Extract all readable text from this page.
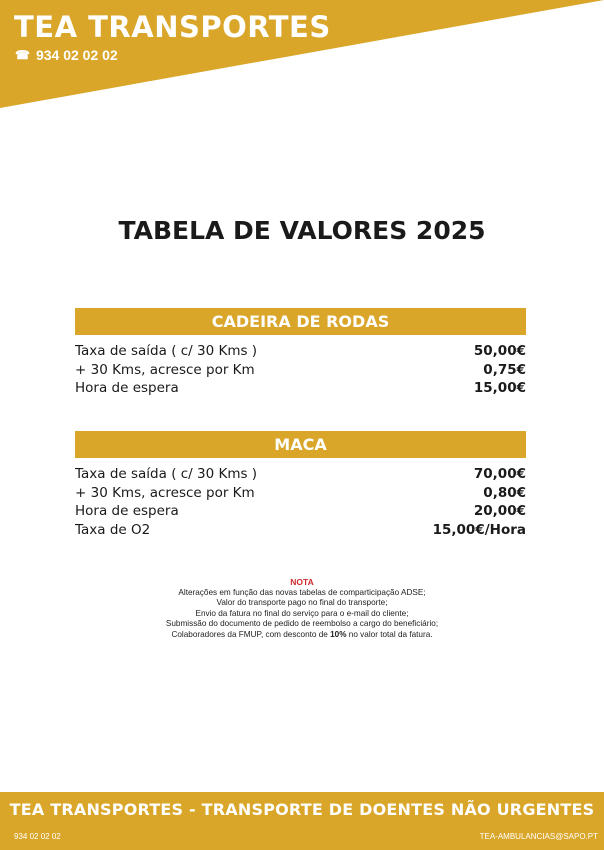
TEA TRANSPORTES
☎ 934 02 02 02
TABELA DE VALORES 2025
CADEIRA DE RODAS
Taxa de saída ( c/ 30 Kms )	50,00€
+ 30 Kms, acresce por Km	0,75€
Hora de espera	15,00€
MACA
Taxa de saída ( c/ 30 Kms )	70,00€
+ 30 Kms, acresce por Km	0,80€
Hora de espera	20,00€
Taxa de O2	15,00€/Hora
NOTA
Alterações em função das novas tabelas de comparticipação ADSE;
Valor do transporte pago no final do transporte;
Envio da fatura no final do serviço para o e-mail do cliente;
Submissão do documento de pedido de reembolso a cargo do beneficiário;
Colaboradores da FMUP, com desconto de 10% no valor total da fatura.
TEA TRANSPORTES - TRANSPORTE DE DOENTES NÃO URGENTES
934 02 02 02	TEA-AMBULANCIAS@SAPO.PT
